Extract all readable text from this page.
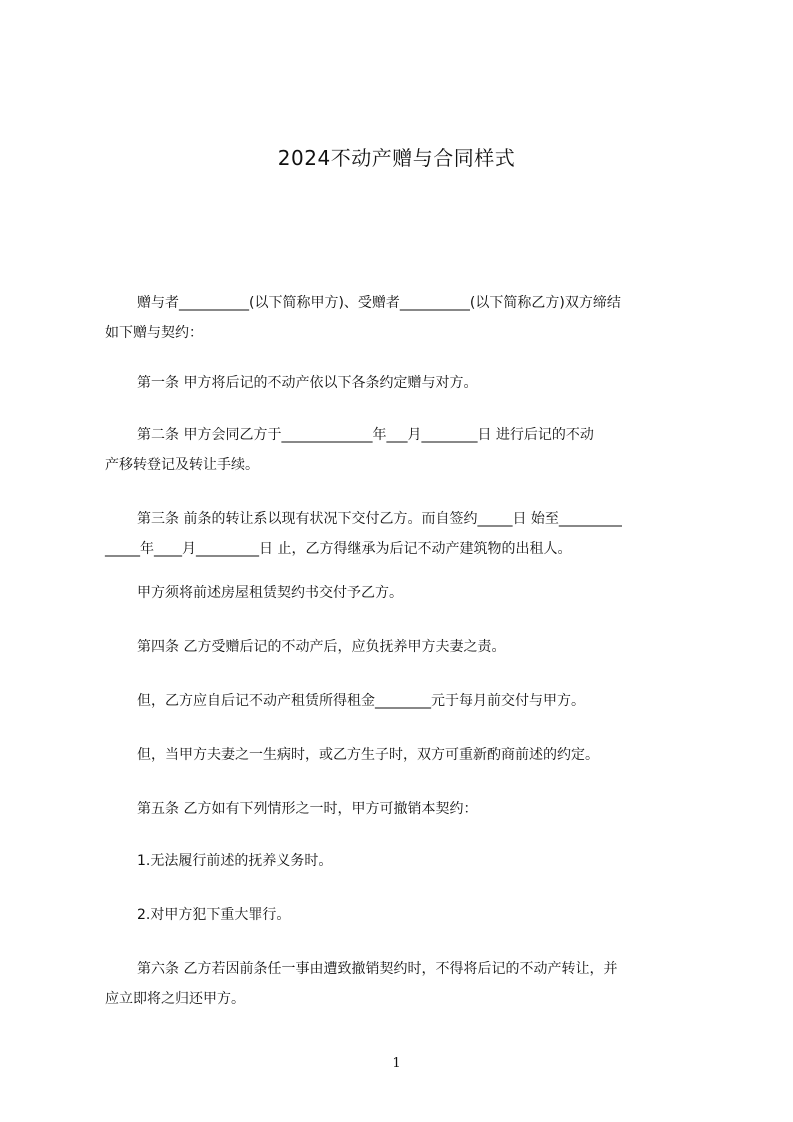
2024不动产赠与合同样式
赠与者__________(以下简称甲方)、受赠者__________(以下简称乙方)双方缔结
如下赠与契约：
第一条 甲方将后记的不动产依以下各条约定赠与对方。
第二条 甲方会同乙方于_____________年___月________日 进行后记的不动
产移转登记及转让手续。
第三条 前条的转让系以现有状况下交付乙方。而自签约_____日 始至_________
_____年____月_________日 止，乙方得继承为后记不动产建筑物的出租人。
甲方须将前述房屋租赁契约书交付予乙方。
第四条 乙方受赠后记的不动产后，应负抚养甲方夫妻之责。
但，乙方应自后记不动产租赁所得租金________元于每月前交付与甲方。
但，当甲方夫妻之一生病时，或乙方生子时，双方可重新酌商前述的约定。
第五条 乙方如有下列情形之一时，甲方可撤销本契约：
1.无法履行前述的抚养义务时。
2.对甲方犯下重大罪行。
第六条 乙方若因前条任一事由遭致撤销契约时，不得将后记的不动产转让，并
应立即将之归还甲方。
1
